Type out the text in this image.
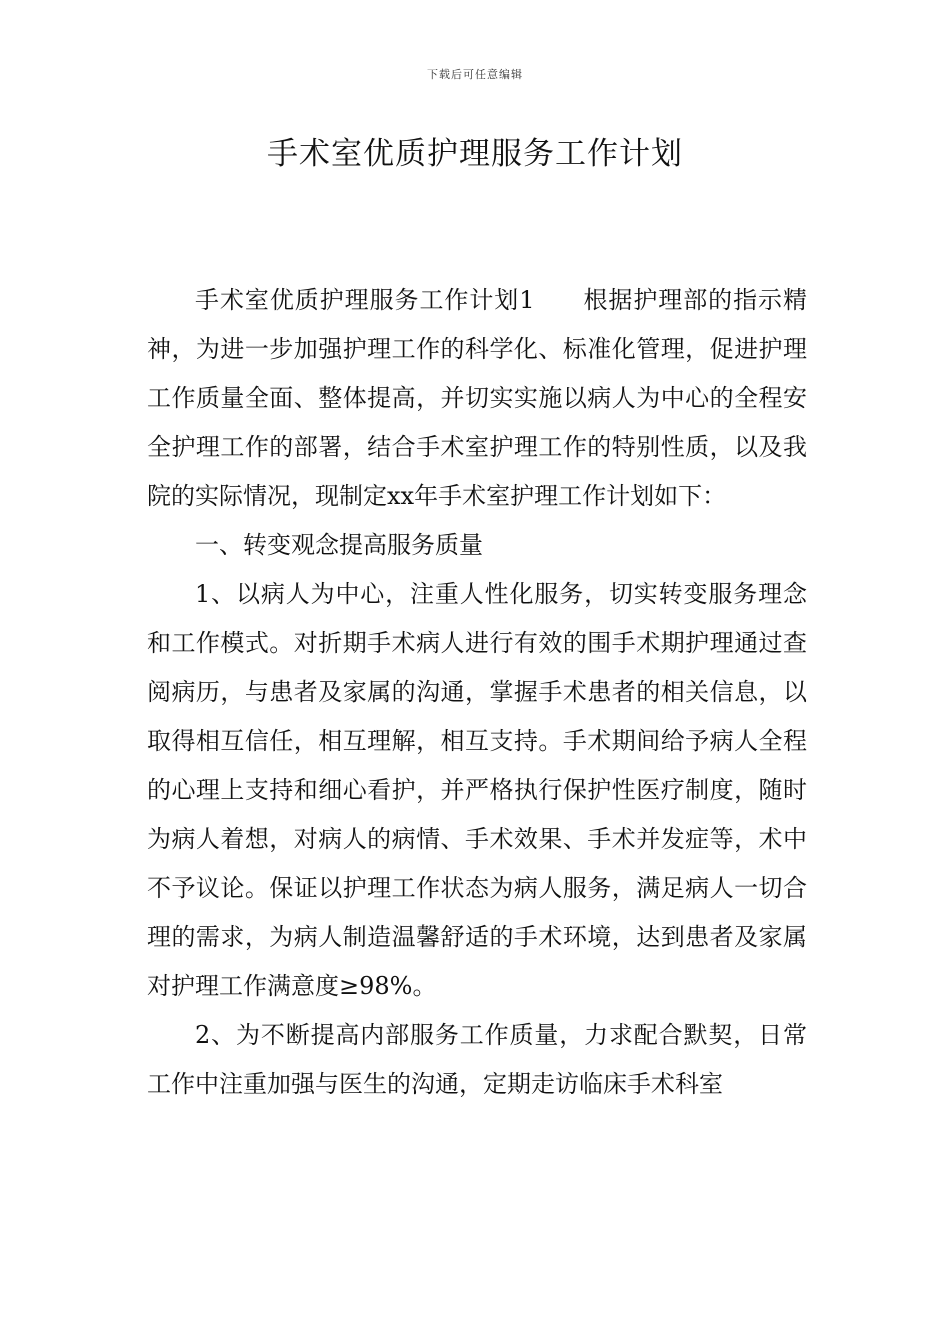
下载后可任意编辑
手术室优质护理服务工作计划

手术室优质护理服务工作计划1 根据护理部的指示精神，为进一步加强护理工作的科学化、标准化管理，促进护理工作质量全面、整体提高，并切实实施以病人为中心的全程安全护理工作的部署，结合手术室护理工作的特别性质，以及我院的实际情况，现制定xx年手术室护理工作计划如下：

一、转变观念提高服务质量

1、以病人为中心，注重人性化服务，切实转变服务理念和工作模式。对折期手术病人进行有效的围手术期护理通过查阅病历，与患者及家属的沟通，掌握手术患者的相关信息，以取得相互信任，相互理解，相互支持。手术期间给予病人全程的心理上支持和细心看护，并严格执行保护性医疗制度，随时为病人着想，对病人的病情、手术效果、手术并发症等，术中不予议论。保证以护理工作状态为病人服务，满足病人一切合理的需求，为病人制造温馨舒适的手术环境，达到患者及家属对护理工作满意度≥98%。

2、为不断提高内部服务工作质量，力求配合默契，日常工作中注重加强与医生的沟通，定期走访临床手术科室
